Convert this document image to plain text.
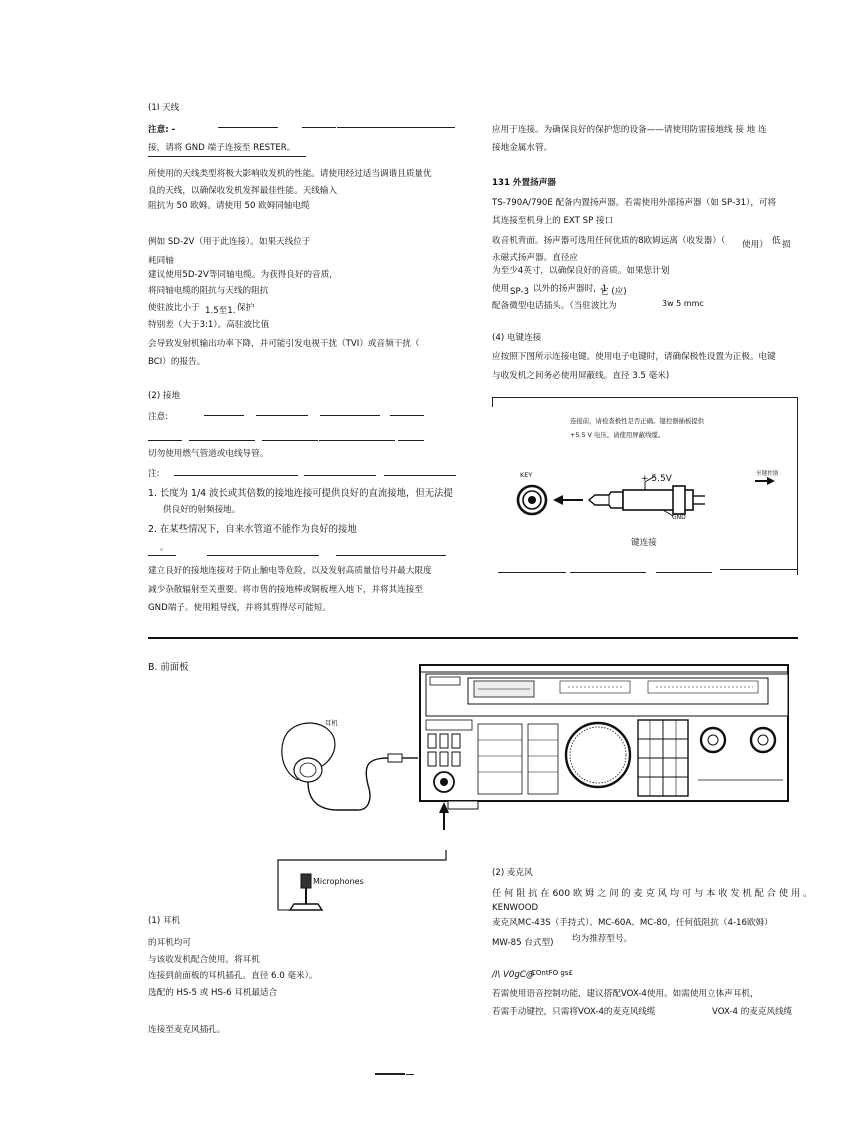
(1I 天线
注意: -
接，请将 GND 端子连接至 RESTER。
所使用的天线类型将极大影响收发机的性能。请使用经过适当调谐且质量优
良的天线，以确保收发机发挥最佳性能。天线输入
阻抗为 50 欧姆。请使用 50 欧姆同轴电缆
例如 SD-2V（用于此连接）。如果天线位于
耗同轴
建议使用5D-2V等同轴电缆。为获得良好的音质，
将同轴电缆的阻抗与天线的阻抗
使驻波比小于 1.5至1. 保护
特别差（大于3:1）。高驻波比值
会导致发射机输出功率下降，并可能引发电视干扰（TVI）或音频干扰（
BCI）的报告。
(2) 接地
注意:
切勿使用燃气管道或电线导管。
注:
1. 长度为 1/4 波长或其倍数的接地连接可提供良好的直流接地，但无法提
供良好的射频接地。
2. 在某些情况下，自来水管道不能作为良好的接地
。
建立良好的接地连接对于防止触电等危险，以及发射高质量信号并最大限度
减少杂散辐射至关重要。将市售的接地棒或铜板埋入地下，并将其连接至
GND端子。使用粗导线，并将其剪得尽可能短。
应用于连接。为确保良好的保护您的设备——请使用防雷接地线 接 地 连
接地金属水管。
131 外置扬声器
TS-790A/790E 配备内置扬声器。若需使用外部扬声器（如 SP-31），可将
其连接至机身上的 EXT SP 接口
收音机背面。扬声器可选用任何优质的8欧姆远离（收发器）（ 使用） 低 损
永磁式扬声器。直径应
为至少4英寸，以确保良好的音质。如果您计划
使用 SP-3 以外的扬声器时，1
它 (应)
配备微型电话插头。（当驻波比为	3w 5 mmc
(4) 电键连接
应按照下图所示连接电键。使用电子电键时，请确保极性设置为正极。电键
与收发机之间务必使用屏蔽线。直径 3.5 毫米)
连接前，请检查极性是否正确。键控器插板提供
+5.5 V 电压。请使用屏蔽线缆。
KEY	+ 5.5V
GND
至键控器
键连接
B. 前面板
耳机
Microphones
(1) 耳机
的耳机均可
与该收发机配合使用。将耳机
连接到前面板的耳机插孔。直径 6.0 毫米）。
选配的 HS-5 或 HS-6 耳机最适合
连接至麦克风插孔。
(2) 麦克风
任 何 阻 抗 在 600 欧 姆 之 间 的 麦 克 风 均 可 与 本 收 发 机 配 合 使 用 。
KENWOOD
麦克风MC-43S（手持式）、MC-60A、MC-80，任何低阻抗（4-16欧姆）
MW-85 台式型) 均为推荐型号。
/I\ V0gC@
COntFO gs£
若需使用语音控制功能，建议搭配VOX-4使用。如需使用立体声耳机，
若需手动键控，只需将VOX-4的麦克风线缆	VOX-4 的麦克风线缆
